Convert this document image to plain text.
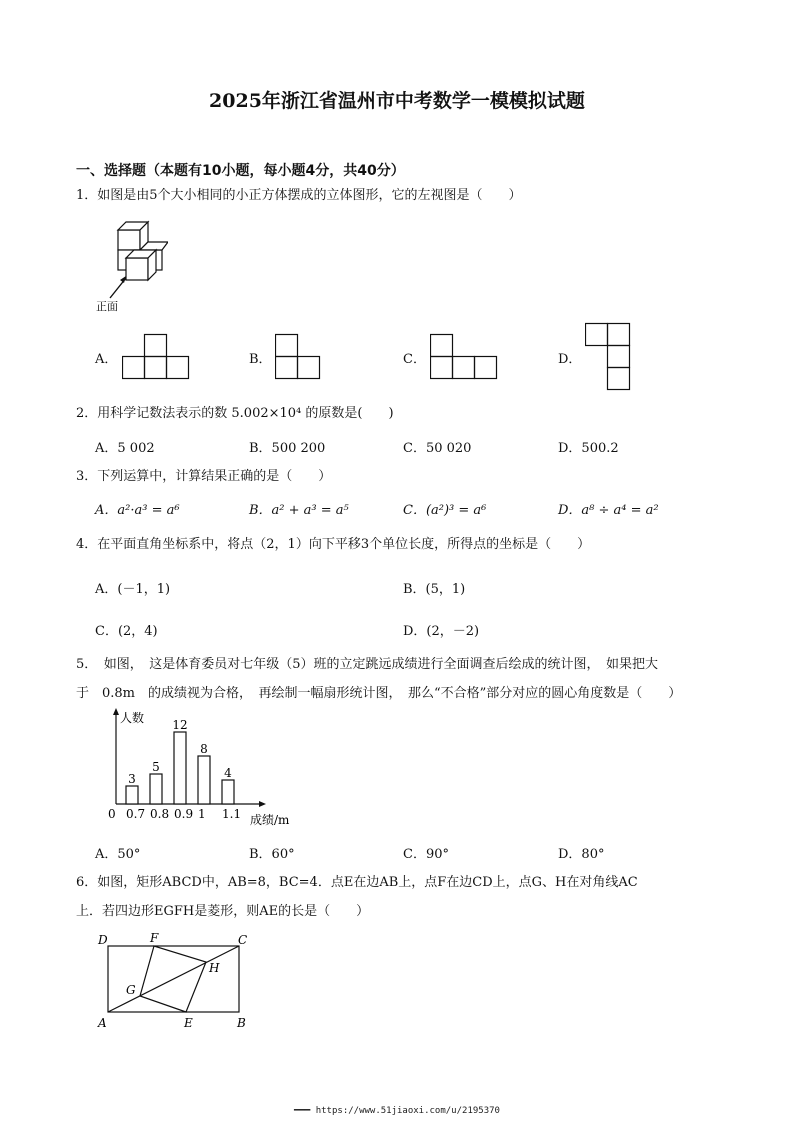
2025年浙江省温州市中考数学一模模拟试题
一、选择题（本题有10小题，每小题4分，共40分）
1．如图是由5个大小相同的小正方体摆成的立体图形，它的左视图是（　　）
正面
A．	B．	C．	D．
2．用科学记数法表示的数 5.002×10⁴ 的原数是(　　)
A．5 002	B．500 200	C．50 020	D．500.2
3．下列运算中，计算结果正确的是（　　）
A．a²·a³ = a⁶	B．a² + a³ = a⁵	C．(a²)³ = a⁶	D．a⁸ ÷ a⁴ = a²
4．在平面直角坐标系中，将点（2，1）向下平移3个单位长度，所得点的坐标是（　　）
A．(－1，1)	B．(5，1)
C．(2，4)	D．(2，－2)
5．　如图，　这是体育委员对七年级（5）班的立定跳远成绩进行全面调查后绘成的统计图，　如果把大
于　0.8m　的成绩视为合格，　再绘制一幅扇形统计图，　那么“不合格”部分对应的圆心角度数是（　　）
人数
成绩/m
0
3
0.7
5
0.8
12
0.9
8
1
4
1.1
A．50°	B．60°	C．90°	D．80°
6．如图，矩形ABCD中，AB=8，BC=4．点E在边AB上，点F在边CD上，点G、H在对角线AC
上．若四边形EGFH是菱形，则AE的长是（　　）
D	F	C
H
G
A	E	B
━━━ https://www.51jiaoxi.com/u/2195370
